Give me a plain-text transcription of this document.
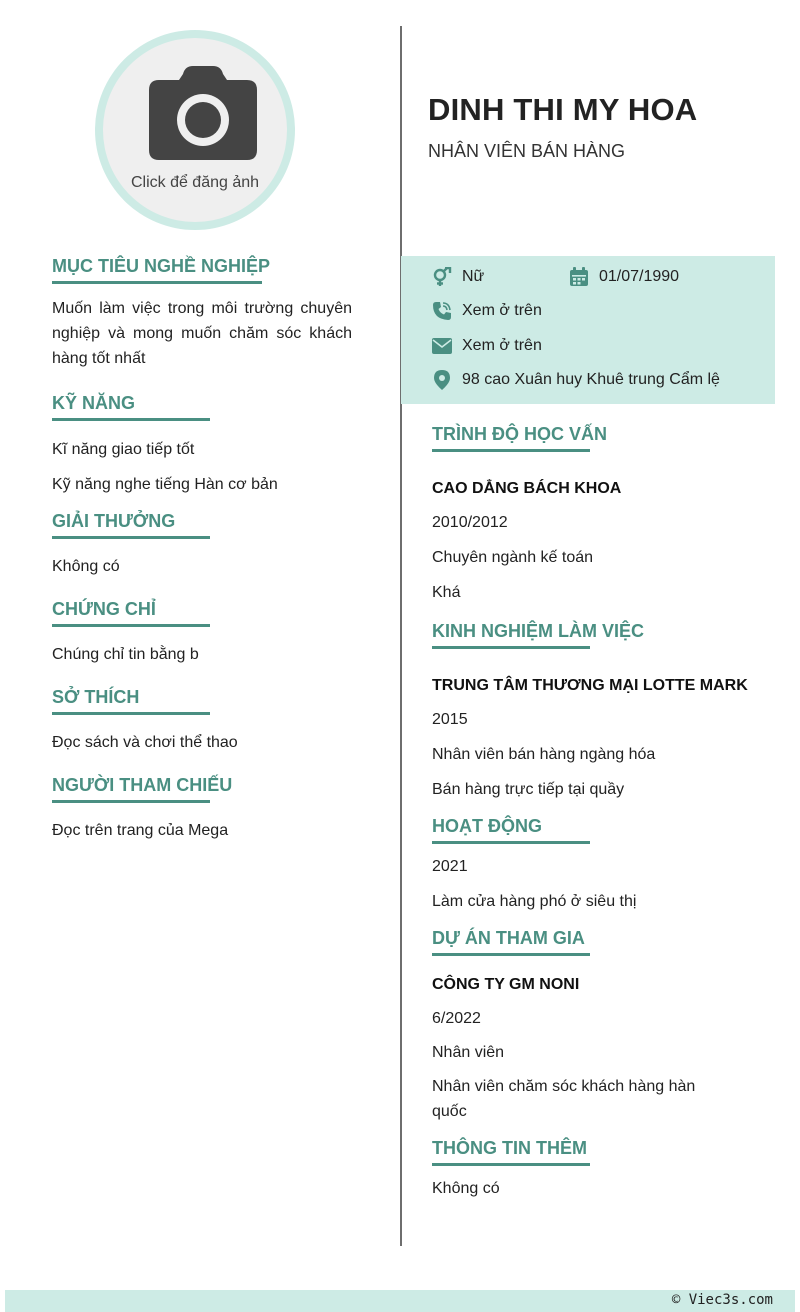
Click để đăng ảnh
DINH THI MY HOA
NHÂN VIÊN BÁN HÀNG
Nữ	01/07/1990
Xem ở trên
Xem ở trên
98 cao Xuân huy Khuê trung Cẩm lệ
MỤC TIÊU NGHỀ NGHIỆP
Muốn làm việc trong môi trường chuyên nghiệp và mong muốn chăm sóc khách hàng tốt nhất
KỸ NĂNG
Kĩ năng giao tiếp tốt
Kỹ năng nghe tiếng Hàn cơ bản
GIẢI THƯỞNG
Không có
CHỨNG CHỈ
Chúng chỉ tin bằng b
SỞ THÍCH
Đọc sách và chơi thể thao
NGƯỜI THAM CHIẾU
Đọc trên trang của Mega
TRÌNH ĐỘ HỌC VẤN
CAO DẲNG BÁCH KHOA
2010/2012
Chuyên ngành kế toán
Khá
KINH NGHIỆM LÀM VIỆC
TRUNG TÂM THƯƠNG MẠI LOTTE MARK
2015
Nhân viên bán hàng ngàng hóa
Bán hàng trực tiếp tại quầy
HOẠT ĐỘNG
2021
Làm cửa hàng phó ở siêu thị
DỰ ÁN THAM GIA
CÔNG TY GM NONI
6/2022
Nhân viên
Nhân viên chăm sóc khách hàng hàn quốc
THÔNG TIN THÊM
Không có
© Viec3s.com
